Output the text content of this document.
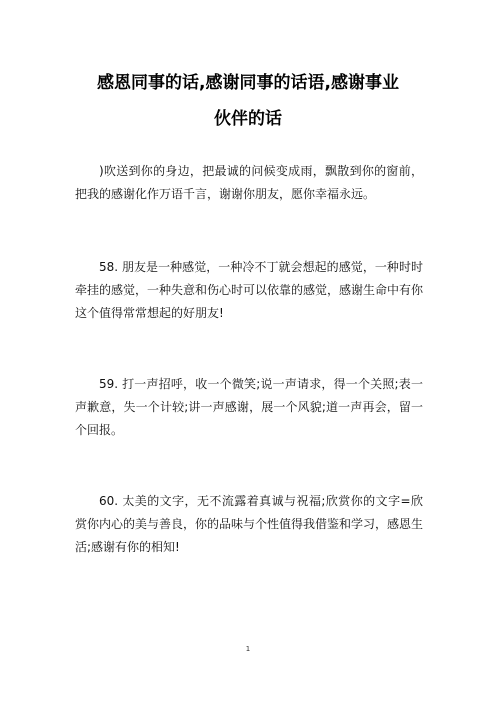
感恩同事的话,感谢同事的话语,感谢事业
伙伴的话

)吹送到你的身边，把最诚的问候变成雨，飘散到你的窗前，把我的感谢化作万语千言，谢谢你朋友，愿你幸福永远。

58. 朋友是一种感觉，一种冷不丁就会想起的感觉，一种时时牵挂的感觉，一种失意和伤心时可以依靠的感觉，感谢生命中有你这个值得常常想起的好朋友!

59. 打一声招呼，收一个微笑;说一声请求，得一个关照;表一声歉意，失一个计较;讲一声感谢，展一个风貌;道一声再会，留一个回报。

60. 太美的文字，无不流露着真诚与祝福;欣赏你的文字=欣赏你内心的美与善良，你的品味与个性值得我借鉴和学习，感恩生活;感谢有你的相知!

1
